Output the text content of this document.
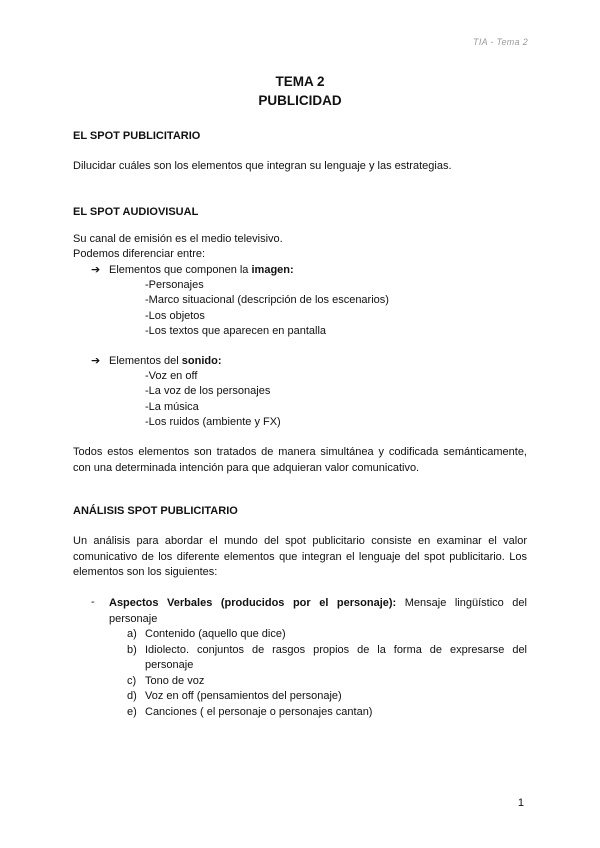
TIA - Tema 2
TEMA 2
PUBLICIDAD
EL SPOT PUBLICITARIO
Dilucidar cuáles son los elementos que integran su lenguaje y las estrategias.
EL SPOT AUDIOVISUAL
Su canal de emisión es el medio televisivo.
Podemos diferenciar entre:
➔ Elementos que componen la imagen:
-Personajes
-Marco situacional (descripción de los escenarios)
-Los objetos
-Los textos que aparecen en pantalla
➔ Elementos del sonido:
-Voz en off
-La voz de los personajes
-La música
-Los ruidos (ambiente y FX)
Todos estos elementos son tratados de manera simultánea y codificada semánticamente, con una determinada intención para que adquieran valor comunicativo.
ANÁLISIS SPOT PUBLICITARIO
Un análisis para abordar el mundo del spot publicitario consiste en examinar el valor comunicativo de los diferente elementos que integran el lenguaje del spot publicitario. Los elementos son los siguientes:
- Aspectos Verbales (producidos por el personaje): Mensaje lingüístico del personaje
a) Contenido (aquello que dice)
b) Idiolecto. conjuntos de rasgos propios de la forma de expresarse del personaje
c) Tono de voz
d) Voz en off (pensamientos del personaje)
e) Canciones ( el personaje o personajes cantan)
1
